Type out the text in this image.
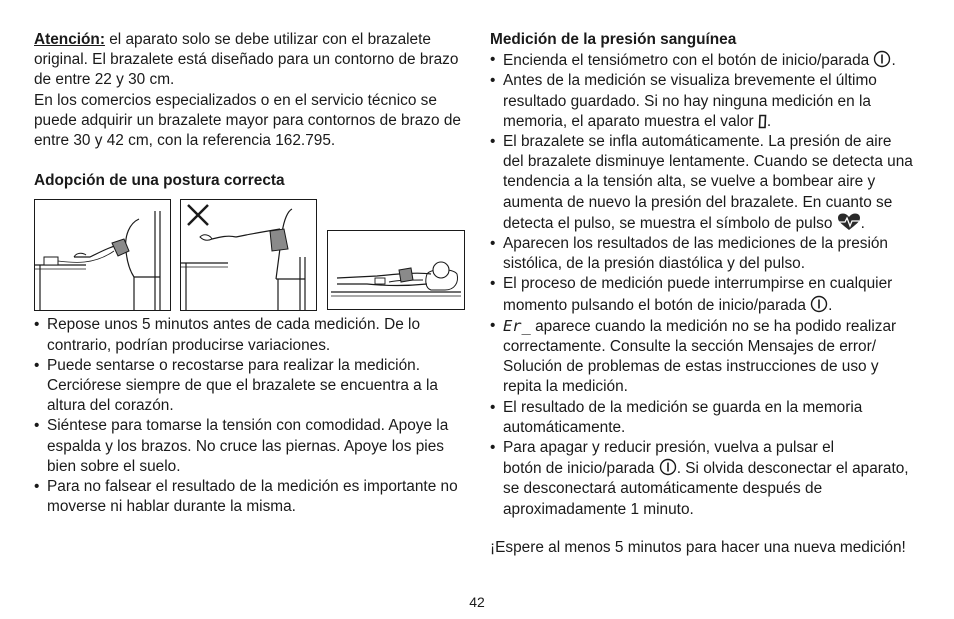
Atención: el aparato solo se debe utilizar con el brazalete original. El brazalete está diseñado para un contorno de brazo de entre 22 y 30 cm.

En los comercios especializados o en el servicio técnico se puede adquirir un brazalete mayor para contornos de brazo de entre 30 y 42 cm, con la referencia 162.795.

Adopción de una postura correcta
• Repose unos 5 minutos antes de cada medición. De lo contrario, podrían producirse variaciones.
• Puede sentarse o recostarse para realizar la medición. Cerciórese siempre de que el brazalete se encuentra a la altura del corazón.
• Siéntese para tomarse la tensión con comodidad. Apoye la espalda y los brazos. No cruce las piernas. Apoye los pies bien sobre el suelo.
• Para no falsear el resultado de la medición es importante no moverse ni hablar durante la misma.
Medición de la presión sanguínea
• Encienda el tensiómetro con el botón de inicio/parada .
• Antes de la medición se visualiza brevemente el último resultado guardado. Si no hay ninguna medición en la memoria, el aparato muestra el valor .
• El brazalete se infla automáticamente. La presión de aire del brazalete disminuye lentamente. Cuando se detecta una tendencia a la tensión alta, se vuelve a bombear aire y aumenta de nuevo la presión del brazalete. En cuanto se detecta el pulso, se muestra el símbolo de pulso .
• Aparecen los resultados de las mediciones de la presión sistólica, de la presión diastólica y del pulso.
• El proceso de medición puede interrumpirse en cualquier momento pulsando el botón de inicio/parada .
• Er_ aparece cuando la medición no se ha podido realizar correctamente. Consulte la sección Mensajes de error/ Solución de problemas de estas instrucciones de uso y repita la medición.
• El resultado de la medición se guarda en la memoria automáticamente.
• Para apagar y reducir presión, vuelva a pulsar el
botón de inicio/parada . Si olvida desconectar el aparato, se desconectará automáticamente después de aproximadamente 1 minuto.

¡Espere al menos 5 minutos para hacer una nueva medición!

42
